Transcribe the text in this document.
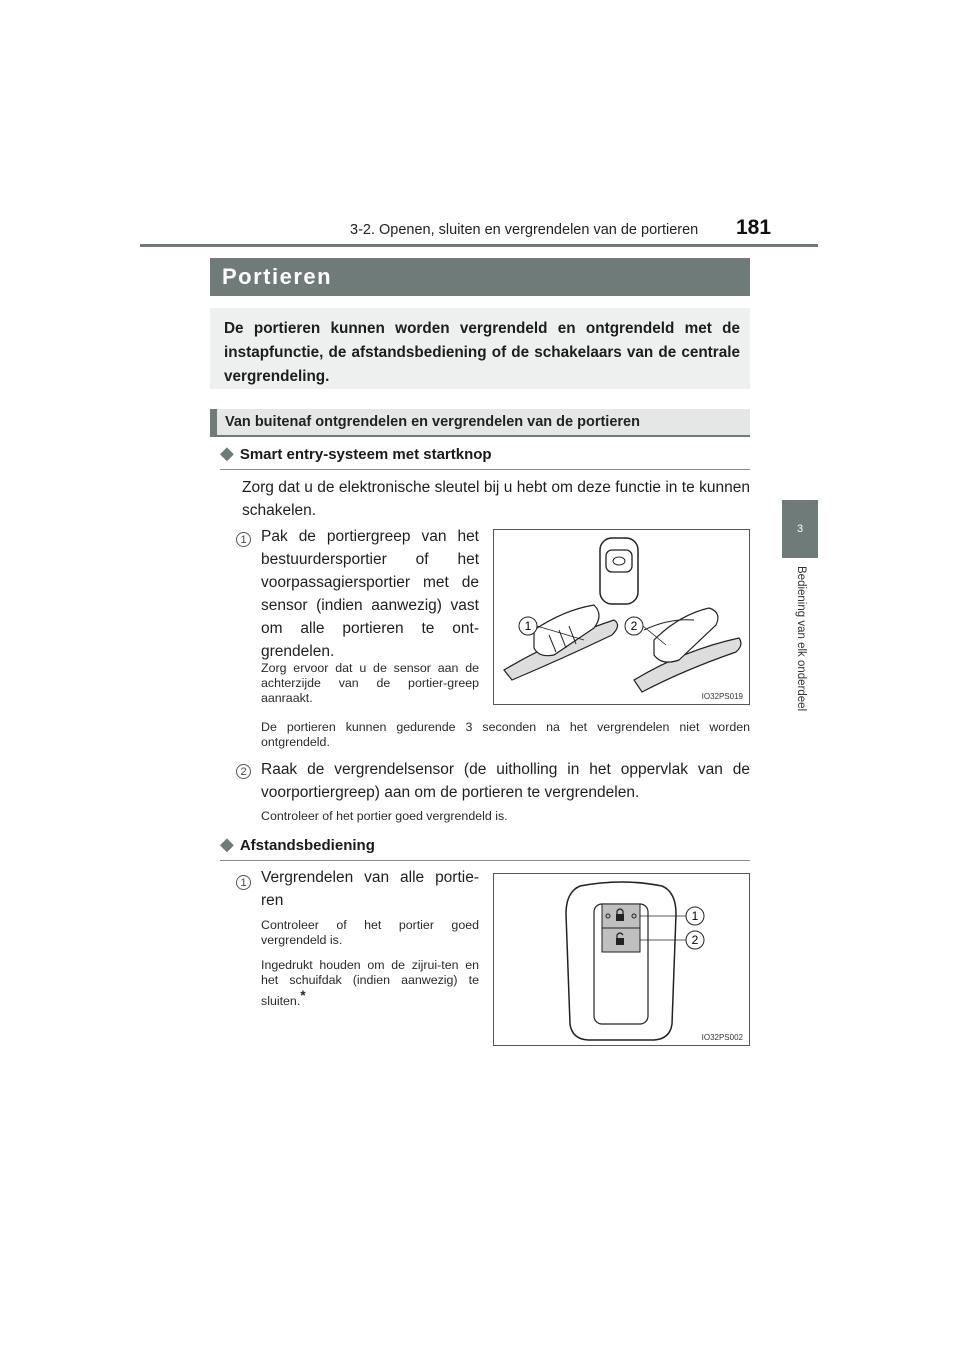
3-2. Openen, sluiten en vergrendelen van de portieren 181
3
Bediening van elk onderdeel
Portieren
De portieren kunnen worden vergrendeld en ontgrendeld met de instapfunctie, de afstandsbediening of de schakelaars van de centrale vergrendeling.
Van buitenaf ontgrendelen en vergrendelen van de portieren
◆ Smart entry-systeem met startknop
Zorg dat u de elektronische sleutel bij u hebt om deze functie in te kunnen schakelen.
1 Pak de portiergreep van het bestuurdersportier of het voorpassagiersportier met de sensor (indien aanwezig) vast om alle portieren te ont-grendelen.
Zorg ervoor dat u de sensor aan de achterzijde van de portier-greep aanraakt.
1	2
IO32PS019
De portieren kunnen gedurende 3 seconden na het vergrendelen niet worden ontgrendeld.
2 Raak de vergrendelsensor (de uitholling in het oppervlak van de voorportiergreep) aan om de portieren te vergrendelen.
Controleer of het portier goed vergrendeld is.
◆ Afstandsbediening
1 Vergrendelen van alle portie-ren
Controleer of het portier goed vergrendeld is.
Ingedrukt houden om de zijrui-ten en het schuifdak (indien aanwezig) te sluiten.*
1
2
IO32PS002
